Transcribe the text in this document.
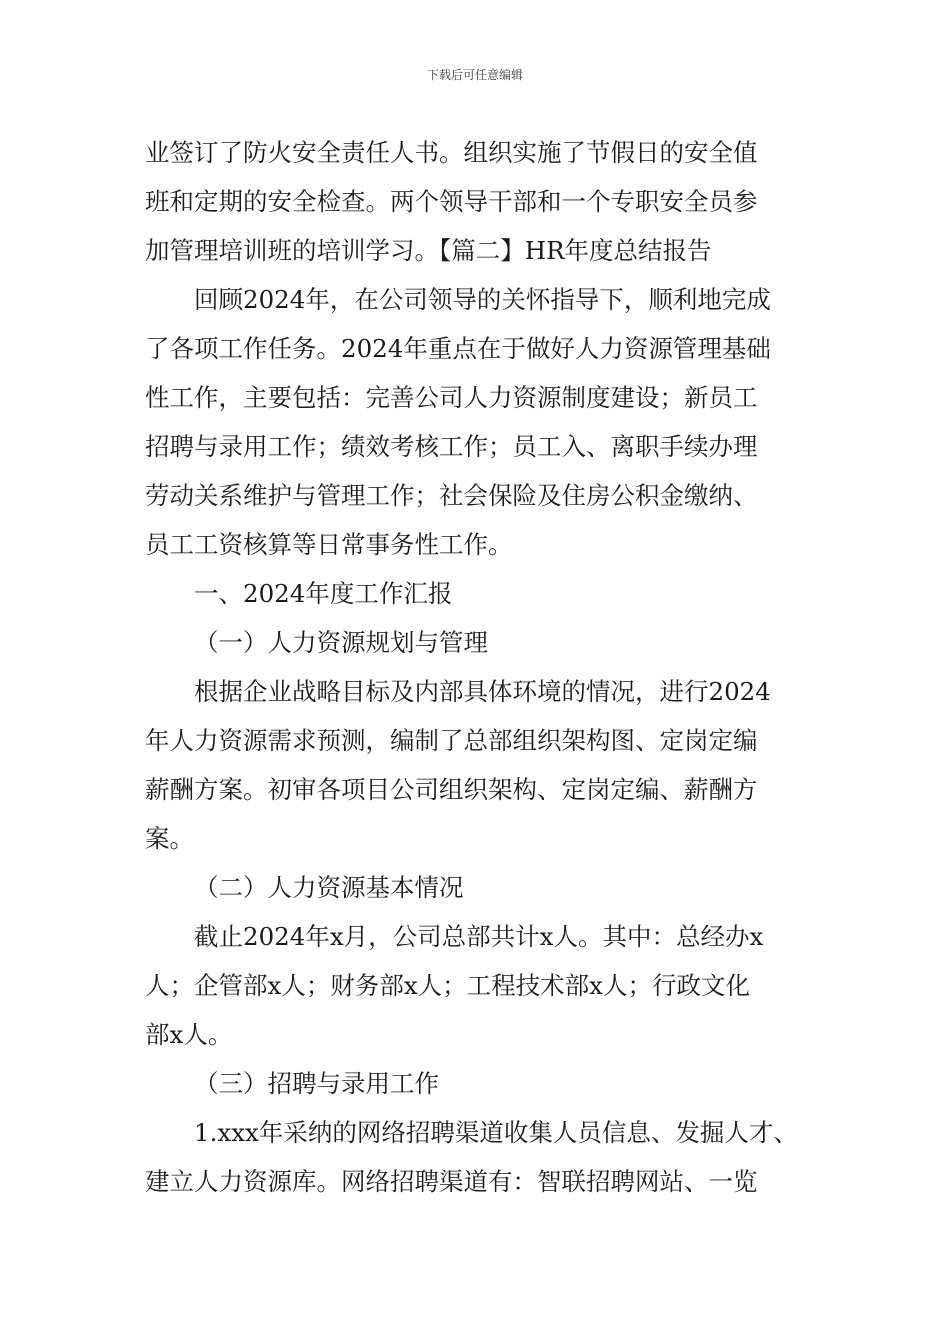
下载后可任意编辑
业签订了防火安全责任人书。组织实施了节假日的安全值
班和定期的安全检查。两个领导干部和一个专职安全员参
加管理培训班的培训学习。【篇二】HR年度总结报告
回顾2024年，在公司领导的关怀指导下，顺利地完成
了各项工作任务。2024年重点在于做好人力资源管理基础
性工作，主要包括：完善公司人力资源制度建设；新员工
招聘与录用工作；绩效考核工作；员工入、离职手续办理
劳动关系维护与管理工作；社会保险及住房公积金缴纳、
员工工资核算等日常事务性工作。
一、2024年度工作汇报
（一）人力资源规划与管理
根据企业战略目标及内部具体环境的情况，进行2024
年人力资源需求预测，编制了总部组织架构图、定岗定编
薪酬方案。初审各项目公司组织架构、定岗定编、薪酬方
案。
（二）人力资源基本情况
截止2024年x月，公司总部共计x人。其中：总经办x
人；企管部x人；财务部x人；工程技术部x人；行政文化
部x人。
（三）招聘与录用工作
1.xxx年采纳的网络招聘渠道收集人员信息、发掘人才、
建立人力资源库。网络招聘渠道有：智联招聘网站、一览
